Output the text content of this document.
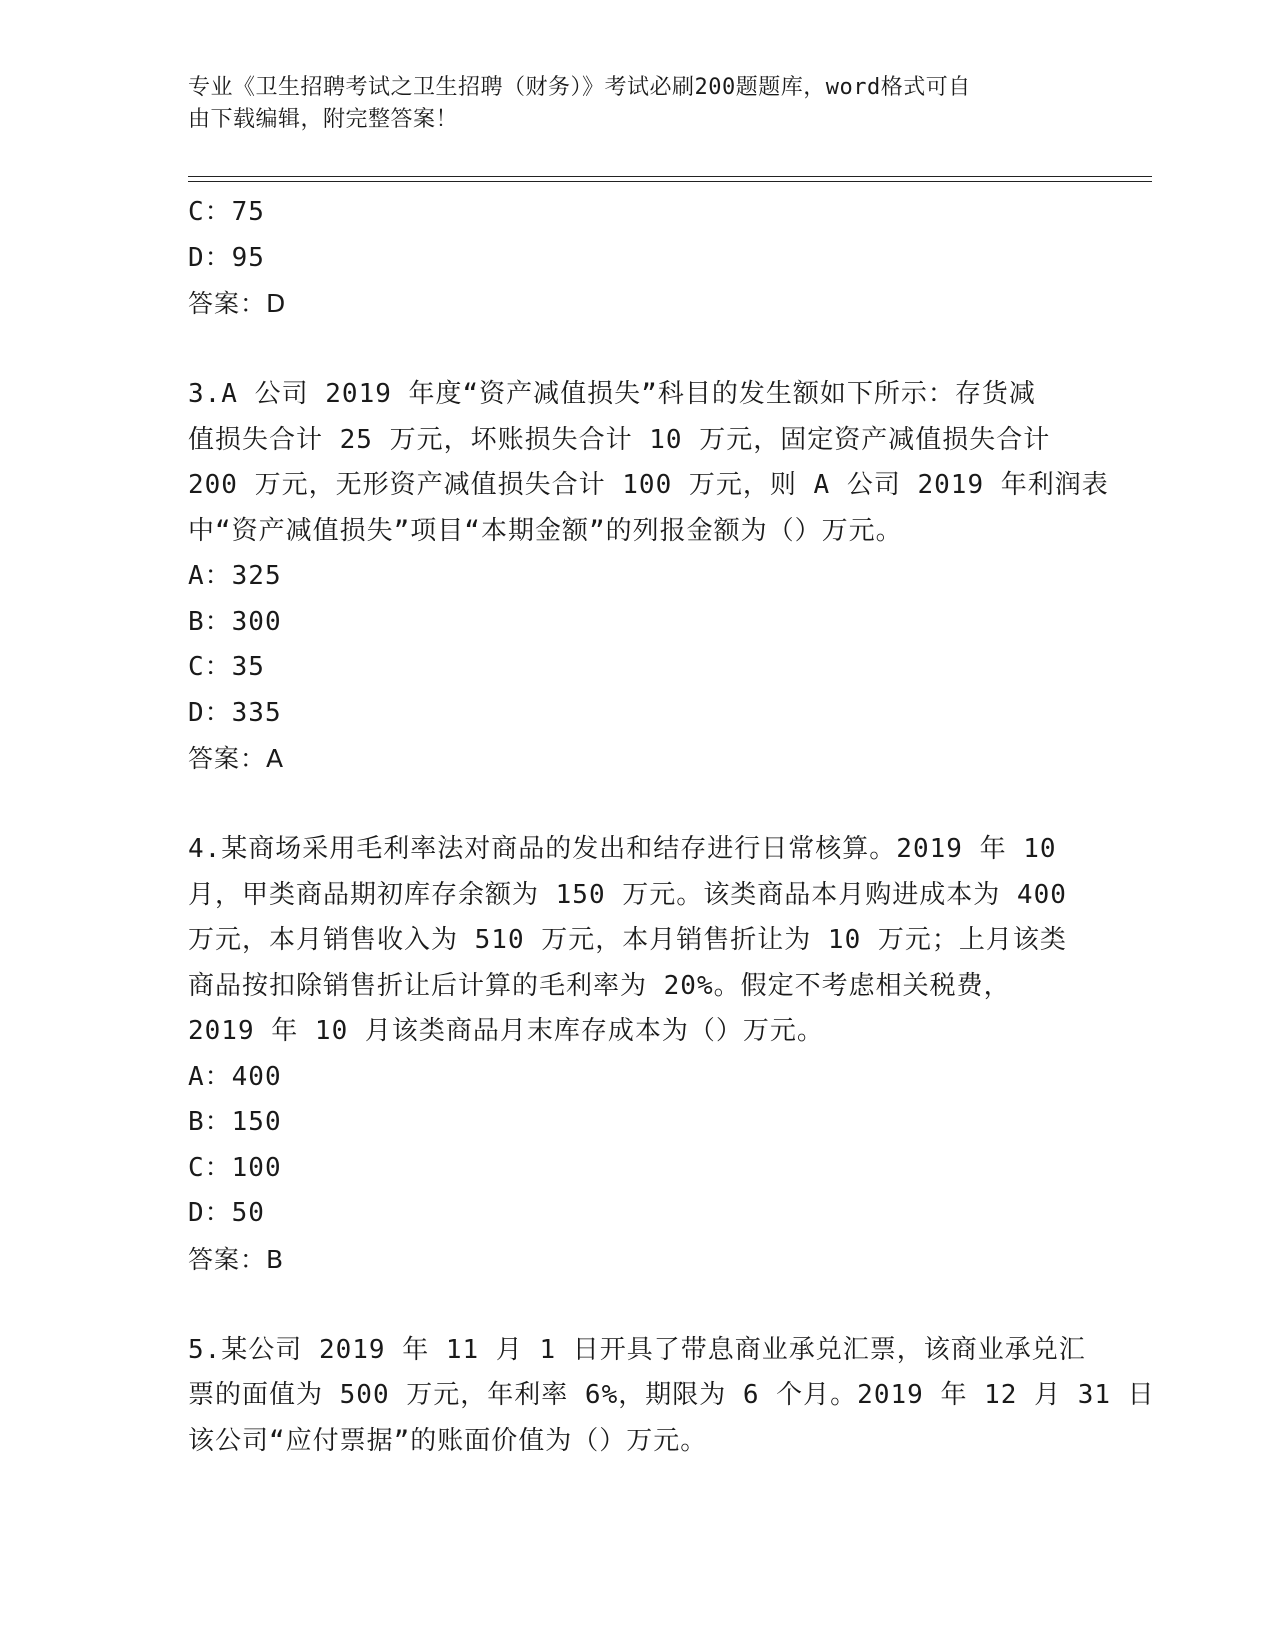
专业《卫生招聘考试之卫生招聘（财务）》考试必刷200题题库，word格式可自
由下载编辑，附完整答案！
C：75
D：95
答案：D
3.A 公司 2019 年度“资产减值损失”科目的发生额如下所示：存货减
值损失合计 25 万元，坏账损失合计 10 万元，固定资产减值损失合计
200 万元，无形资产减值损失合计 100 万元，则 A 公司 2019 年利润表
中“资产减值损失”项目“本期金额”的列报金额为（）万元。
A：325
B：300
C：35
D：335
答案：A
4.某商场采用毛利率法对商品的发出和结存进行日常核算。2019 年 10
月，甲类商品期初库存余额为 150 万元。该类商品本月购进成本为 400
万元，本月销售收入为 510 万元，本月销售折让为 10 万元；上月该类
商品按扣除销售折让后计算的毛利率为 20%。假定不考虑相关税费，
2019 年 10 月该类商品月末库存成本为（）万元。
A：400
B：150
C：100
D：50
答案：B
5.某公司 2019 年 11 月 1 日开具了带息商业承兑汇票，该商业承兑汇
票的面值为 500 万元，年利率 6%，期限为 6 个月。2019 年 12 月 31 日
该公司“应付票据”的账面价值为（）万元。
